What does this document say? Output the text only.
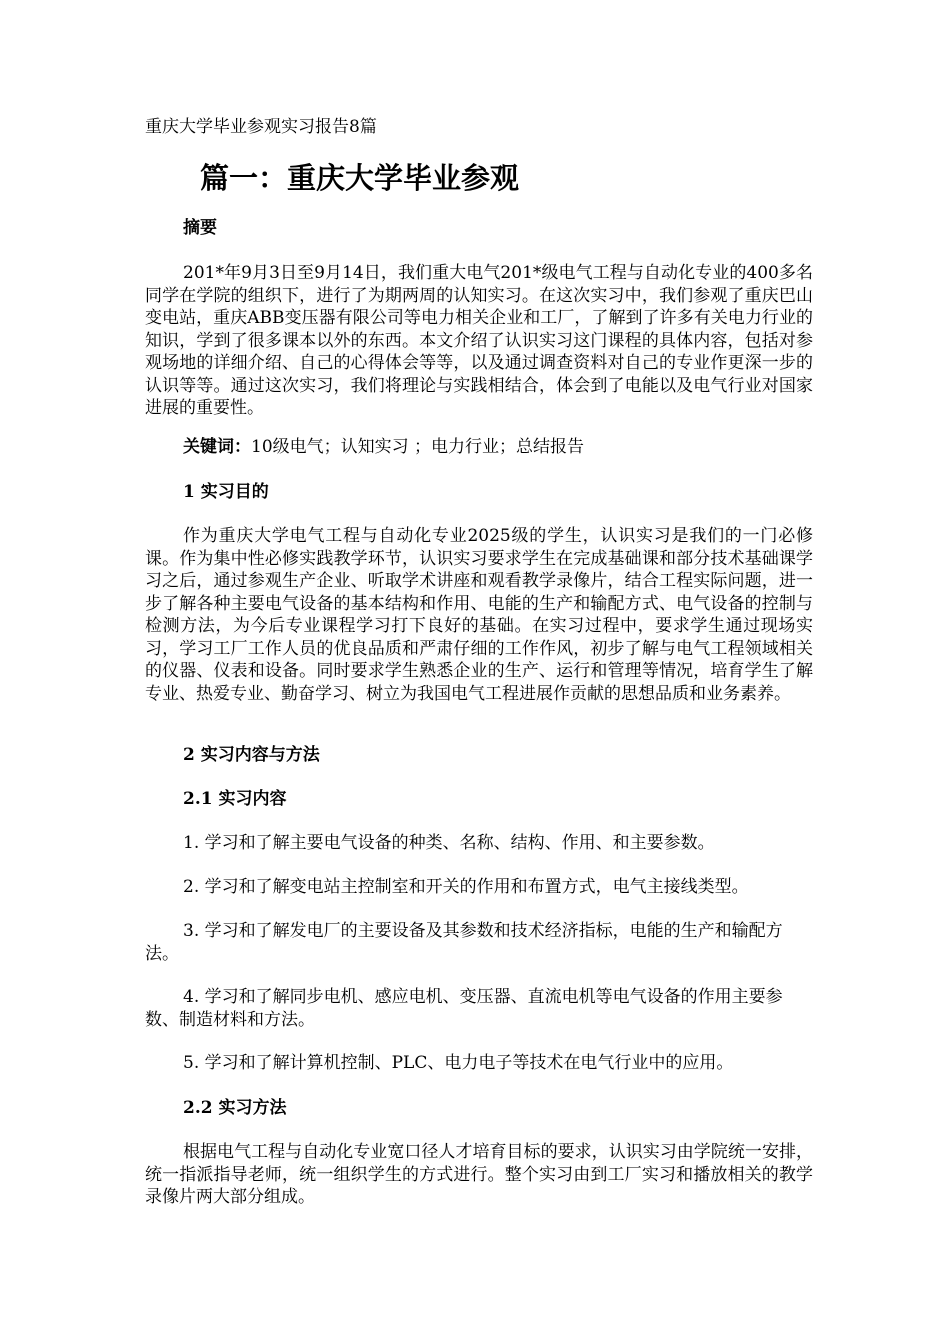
重庆大学毕业参观实习报告8篇

篇一：重庆大学毕业参观

摘要

201*年9月3日至9月14日，我们重大电气201*级电气工程与自动化专业的400多名同学在学院的组织下，进行了为期两周的认知实习。在这次实习中，我们参观了重庆巴山变电站，重庆ABB变压器有限公司等电力相关企业和工厂，了解到了许多有关电力行业的知识，学到了很多课本以外的东西。本文介绍了认识实习这门课程的具体内容，包括对参观场地的详细介绍、自己的心得体会等等，以及通过调查资料对自己的专业作更深一步的认识等等。通过这次实习，我们将理论与实践相结合，体会到了电能以及电气行业对国家进展的重要性。

关键词：10级电气；认知实习 ；电力行业；总结报告

1 实习目的

作为重庆大学电气工程与自动化专业2025级的学生，认识实习是我们的一门必修课。作为集中性必修实践教学环节，认识实习要求学生在完成基础课和部分技术基础课学习之后，通过参观生产企业、听取学术讲座和观看教学录像片，结合工程实际问题，进一步了解各种主要电气设备的基本结构和作用、电能的生产和输配方式、电气设备的控制与检测方法，为今后专业课程学习打下良好的基础。在实习过程中，要求学生通过现场实习，学习工厂工作人员的优良品质和严肃仔细的工作作风，初步了解与电气工程领域相关的仪器、仪表和设备。同时要求学生熟悉企业的生产、运行和管理等情况，培育学生了解专业、热爱专业、勤奋学习、树立为我国电气工程进展作贡献的思想品质和业务素养。

2 实习内容与方法

2.1 实习内容

1. 学习和了解主要电气设备的种类、名称、结构、作用、和主要参数。

2. 学习和了解变电站主控制室和开关的作用和布置方式，电气主接线类型。

3. 学习和了解发电厂的主要设备及其参数和技术经济指标，电能的生产和输配方法。

4. 学习和了解同步电机、感应电机、变压器、直流电机等电气设备的作用主要参数、制造材料和方法。

5. 学习和了解计算机控制、PLC、电力电子等技术在电气行业中的应用。

2.2 实习方法

根据电气工程与自动化专业宽口径人才培育目标的要求，认识实习由学院统一安排，统一指派指导老师，统一组织学生的方式进行。整个实习由到工厂实习和播放相关的教学录像片两大部分组成。
